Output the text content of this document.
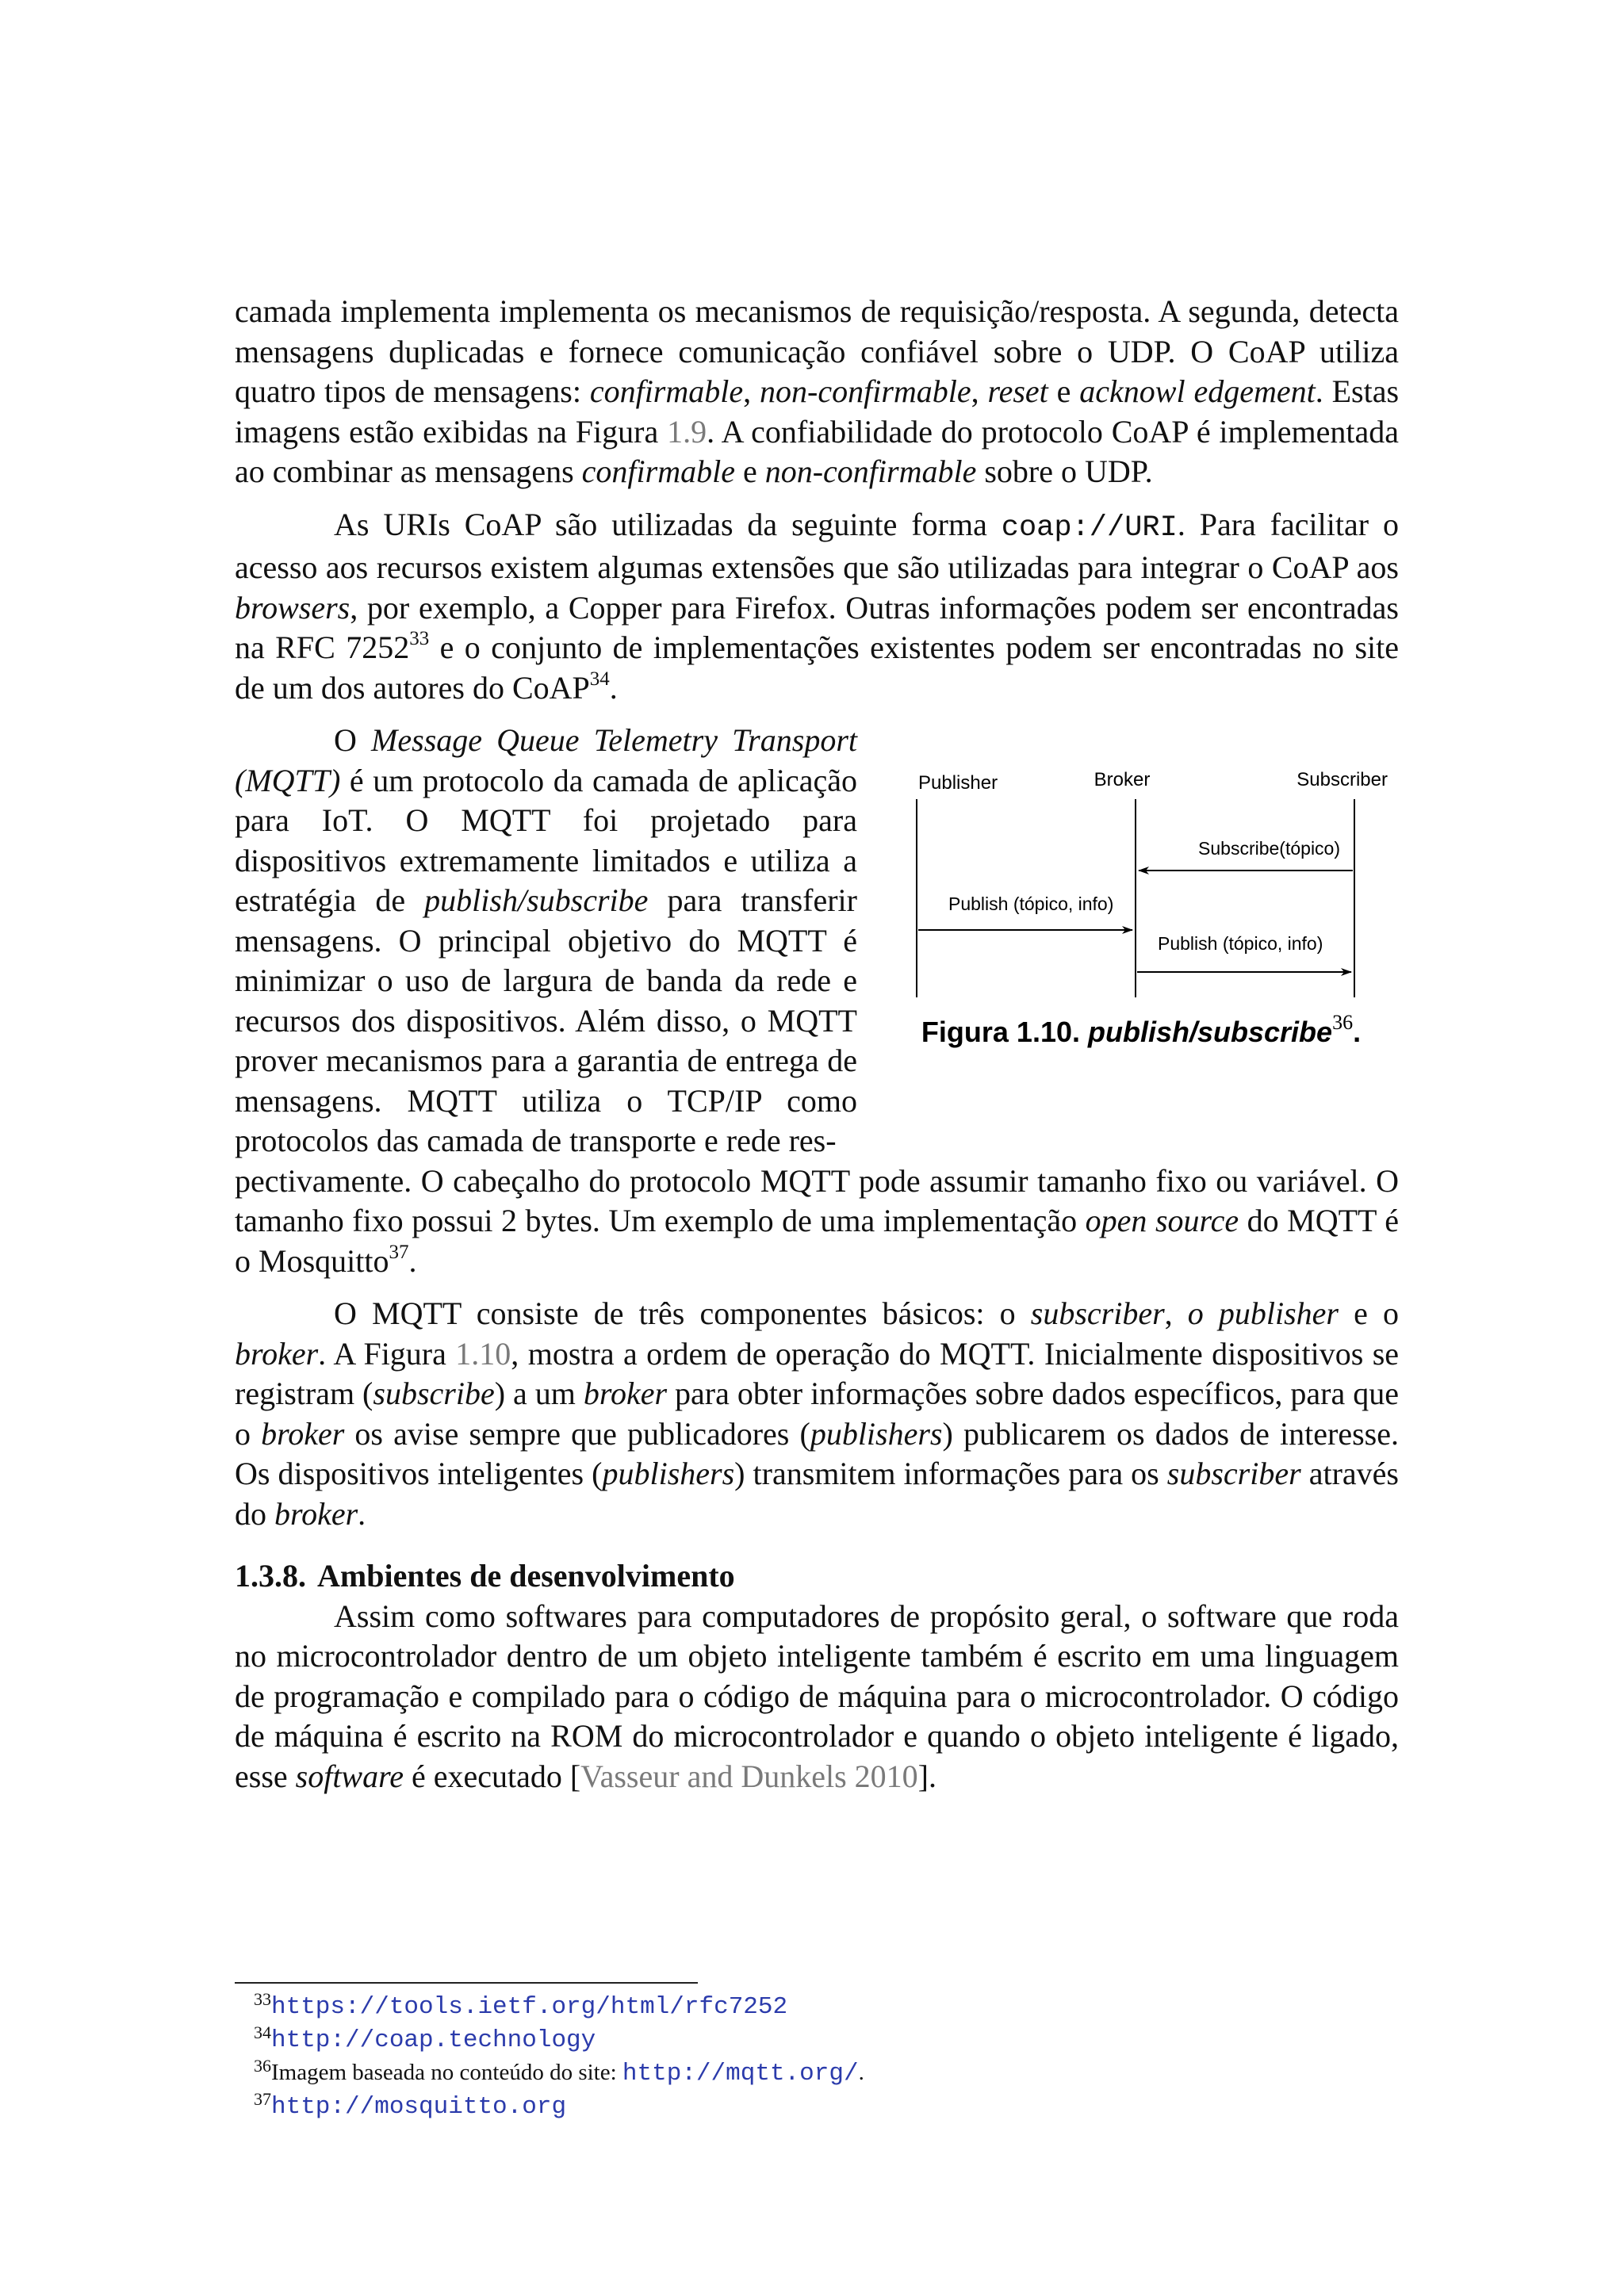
camada implementa implementa os mecanismos de requisição/resposta. A segunda, detecta mensagens duplicadas e fornece comunicação confiável sobre o UDP. O CoAP utiliza quatro tipos de mensagens: confirmable, non-confirmable, reset e acknowl edgement. Estas imagens estão exibidas na Figura 1.9. A confiabilidade do protocolo CoAP é implementada ao combinar as mensagens confirmable e non-confirmable sobre o UDP.

As URIs CoAP são utilizadas da seguinte forma coap://URI. Para facilitar o acesso aos recursos existem algumas extensões que são utilizadas para integrar o CoAP aos browsers, por exemplo, a Copper para Firefox. Outras informações podem ser encontradas na RFC 7252$^{33}$ e o conjunto de implementações existentes podem ser encontradas no site de um dos autores do CoAP$^{34}$.

O Message Queue Telemetry Transport (MQTT) é um protocolo da camada de aplicação para IoT. O MQTT foi projetado para dispositivos extremamente limitados e utiliza a estratégia de publish/subscribe para transferir mensagens. O principal objetivo do MQTT é minimizar o uso de largura de banda da rede e recursos dos dispositivos. Além disso, o MQTT prover mecanismos para a garantia de entrega de mensagens. MQTT utiliza o TCP/IP como protocolos das camada de transporte e rede res-

Publisher	Broker	Subscriber
Subscribe(tópico)
Publish (tópico, info)
Publish (tópico, info)
Figura 1.10. publish/subscribe$^{36}$.

pectivamente. O cabeçalho do protocolo MQTT pode assumir tamanho fixo ou variável. O tamanho fixo possui 2 bytes. Um exemplo de uma implementação open source do MQTT é o Mosquitto$^{37}$.

O MQTT consiste de três componentes básicos: o subscriber, o publisher e o broker. A Figura 1.10, mostra a ordem de operação do MQTT. Inicialmente dispositivos se registram (subscribe) a um broker para obter informações sobre dados específicos, para que o broker os avise sempre que publicadores (publishers) publicarem os dados de interesse. Os dispositivos inteligentes (publishers) transmitem informações para os subscriber através do broker.

1.3.8. Ambientes de desenvolvimento

Assim como softwares para computadores de propósito geral, o software que roda no microcontrolador dentro de um objeto inteligente também é escrito em uma linguagem de programação e compilado para o código de máquina para o microcontrolador. O código de máquina é escrito na ROM do microcontrolador e quando o objeto inteligente é ligado, esse software é executado [Vasseur and Dunkels 2010].

$^{33}$https://tools.ietf.org/html/rfc7252

$^{34}$http://coap.technology

$^{36}$Imagem baseada no conteúdo do site: http://mqtt.org/.

$^{37}$http://mosquitto.org
